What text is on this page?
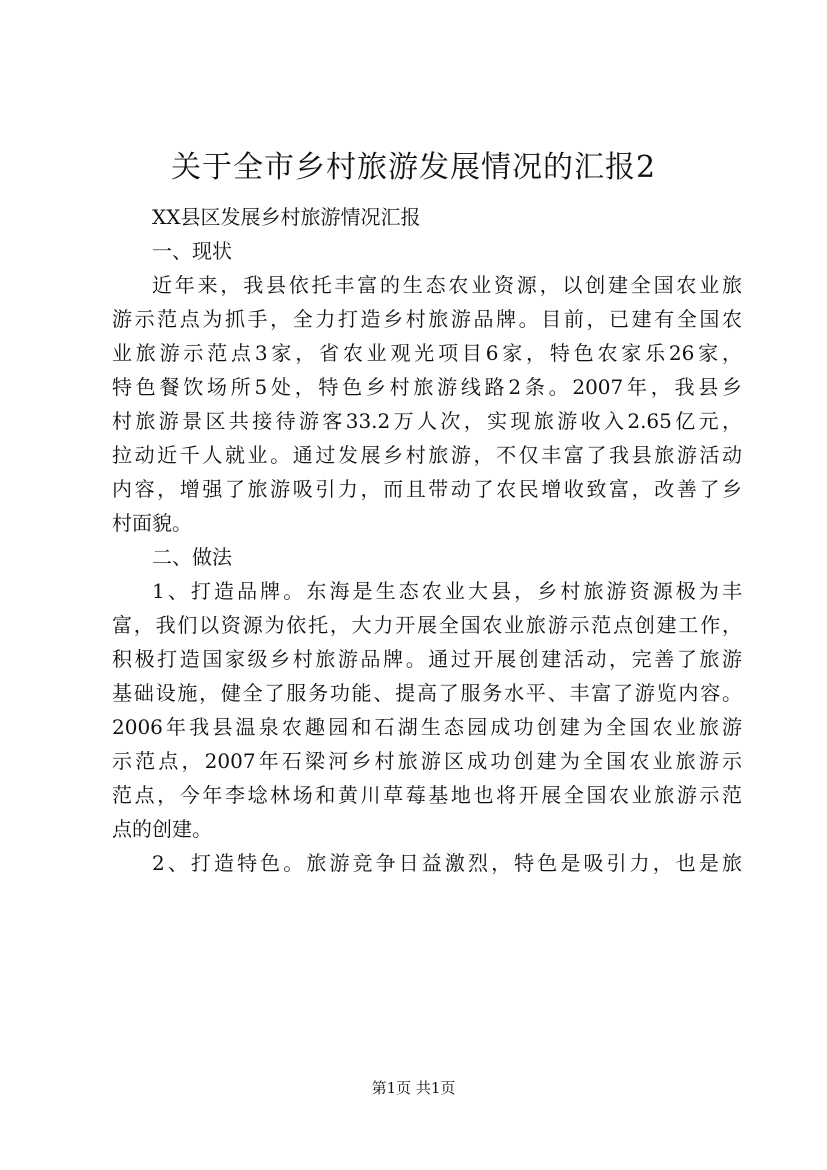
关于全市乡村旅游发展情况的汇报2
XX县区发展乡村旅游情况汇报
一、现状
近年来，我县依托丰富的生态农业资源，以创建全国农业旅
游示范点为抓手，全力打造乡村旅游品牌。目前，已建有全国农
业旅游示范点3家，省农业观光项目6家，特色农家乐26家，
特色餐饮场所5处，特色乡村旅游线路2条。2007年，我县乡
村旅游景区共接待游客33.2万人次，实现旅游收入2.65亿元，
拉动近千人就业。通过发展乡村旅游，不仅丰富了我县旅游活动
内容，增强了旅游吸引力，而且带动了农民增收致富，改善了乡
村面貌。
二、做法
1、打造品牌。东海是生态农业大县，乡村旅游资源极为丰
富，我们以资源为依托，大力开展全国农业旅游示范点创建工作，
积极打造国家级乡村旅游品牌。通过开展创建活动，完善了旅游
基础设施，健全了服务功能、提高了服务水平、丰富了游览内容。
2006年我县温泉农趣园和石湖生态园成功创建为全国农业旅游
示范点，2007年石梁河乡村旅游区成功创建为全国农业旅游示
范点，今年李埝林场和黄川草莓基地也将开展全国农业旅游示范
点的创建。
2、打造特色。旅游竞争日益激烈，特色是吸引力，也是旅
第1页 共1页
